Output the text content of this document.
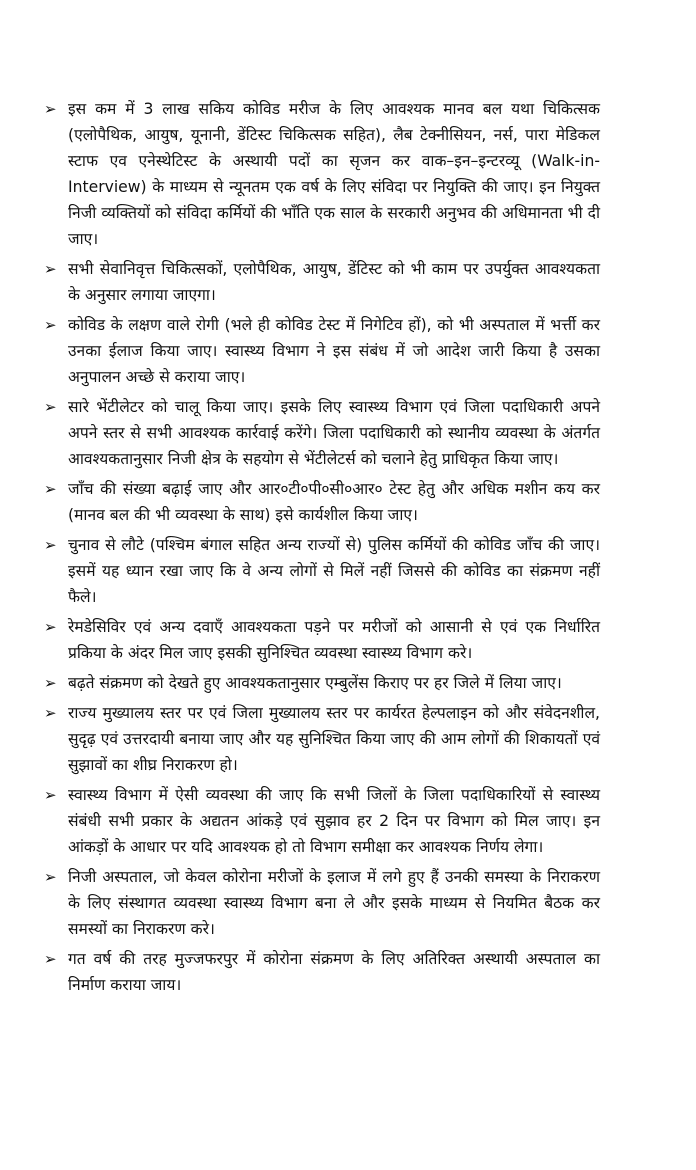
➢ इस कम में 3 लाख सकिय कोविड मरीज के लिए आवश्यक मानव बल यथा चिकित्सक (एलोपैथिक, आयुष, यूनानी, डेंटिस्ट चिकित्सक सहित), लैब टेक्नीसियन, नर्स, पारा मेडिकल स्टाफ एव एनेस्थेटिस्ट के अस्थायी पदों का सृजन कर वाक–इन–इन्टरव्यू (Walk-in-Interview) के माध्यम से न्यूनतम एक वर्ष के लिए संविदा पर नियुक्ति की जाए। इन नियुक्त निजी व्यक्तियों को संविदा कर्मियों की भाँति एक साल के सरकारी अनुभव की अधिमानता भी दी जाए।
➢ सभी सेवानिवृत्त चिकित्सकों, एलोपैथिक, आयुष, डेंटिस्ट को भी काम पर उपर्युक्त आवश्यकता के अनुसार लगाया जाएगा।
➢ कोविड के लक्षण वाले रोगी (भले ही कोविड टेस्ट में निगेटिव हों), को भी अस्पताल में भर्त्ती कर उनका ईलाज किया जाए। स्वास्थ्य विभाग ने इस संबंध में जो आदेश जारी किया है उसका अनुपालन अच्छे से कराया जाए।
➢ सारे भेंटीलेटर को चालू किया जाए। इसके लिए स्वास्थ्य विभाग एवं जिला पदाधिकारी अपने अपने स्तर से सभी आवश्यक कार्रवाई करेंगे। जिला पदाधिकारी को स्थानीय व्यवस्था के अंतर्गत आवश्यकतानुसार निजी क्षेत्र के सहयोग से भेंटीलेटर्स को चलाने हेतु प्राधिकृत किया जाए।
➢ जाँच की संख्या बढ़ाई जाए और आर०टी०पी०सी०आर० टेस्ट हेतु और अधिक मशीन कय कर (मानव बल की भी व्यवस्था के साथ) इसे कार्यशील किया जाए।
➢ चुनाव से लौटे (पश्चिम बंगाल सहित अन्य राज्यों से) पुलिस कर्मियों की कोविड जाँच की जाए। इसमें यह ध्यान रखा जाए कि वे अन्य लोगों से मिलें नहीं जिससे की कोविड का संक्रमण नहीं फैले।
➢ रेमडेसिविर एवं अन्य दवाएँ आवश्यकता पड़ने पर मरीजों को आसानी से एवं एक निर्धारित प्रकिया के अंदर मिल जाए इसकी सुनिश्चित व्यवस्था स्वास्थ्य विभाग करे।
➢ बढ़ते संक्रमण को देखते हुए आवश्यकतानुसार एम्बुलेंस किराए पर हर जिले में लिया जाए।
➢ राज्य मुख्यालय स्तर पर एवं जिला मुख्यालय स्तर पर कार्यरत हेल्पलाइन को और संवेदनशील, सुदृढ़ एवं उत्तरदायी बनाया जाए और यह सुनिश्चित किया जाए की आम लोगों की शिकायतों एवं सुझावों का शीघ्र निराकरण हो।
➢ स्वास्थ्य विभाग में ऐसी व्यवस्था की जाए कि सभी जिलों के जिला पदाधिकारियों से स्वास्थ्य संबंधी सभी प्रकार के अद्यतन आंकड़े एवं सुझाव हर 2 दिन पर विभाग को मिल जाए। इन आंकड़ों के आधार पर यदि आवश्यक हो तो विभाग समीक्षा कर आवश्यक निर्णय लेगा।
➢ निजी अस्पताल, जो केवल कोरोना मरीजों के इलाज में लगे हुए हैं उनकी समस्या के निराकरण के लिए संस्थागत व्यवस्था स्वास्थ्य विभाग बना ले और इसके माध्यम से नियमित बैठक कर समस्यों का निराकरण करे।
➢ गत वर्ष की तरह मुज्जफरपुर में कोरोना संक्रमण के लिए अतिरिक्त अस्थायी अस्पताल का निर्माण कराया जाय।
